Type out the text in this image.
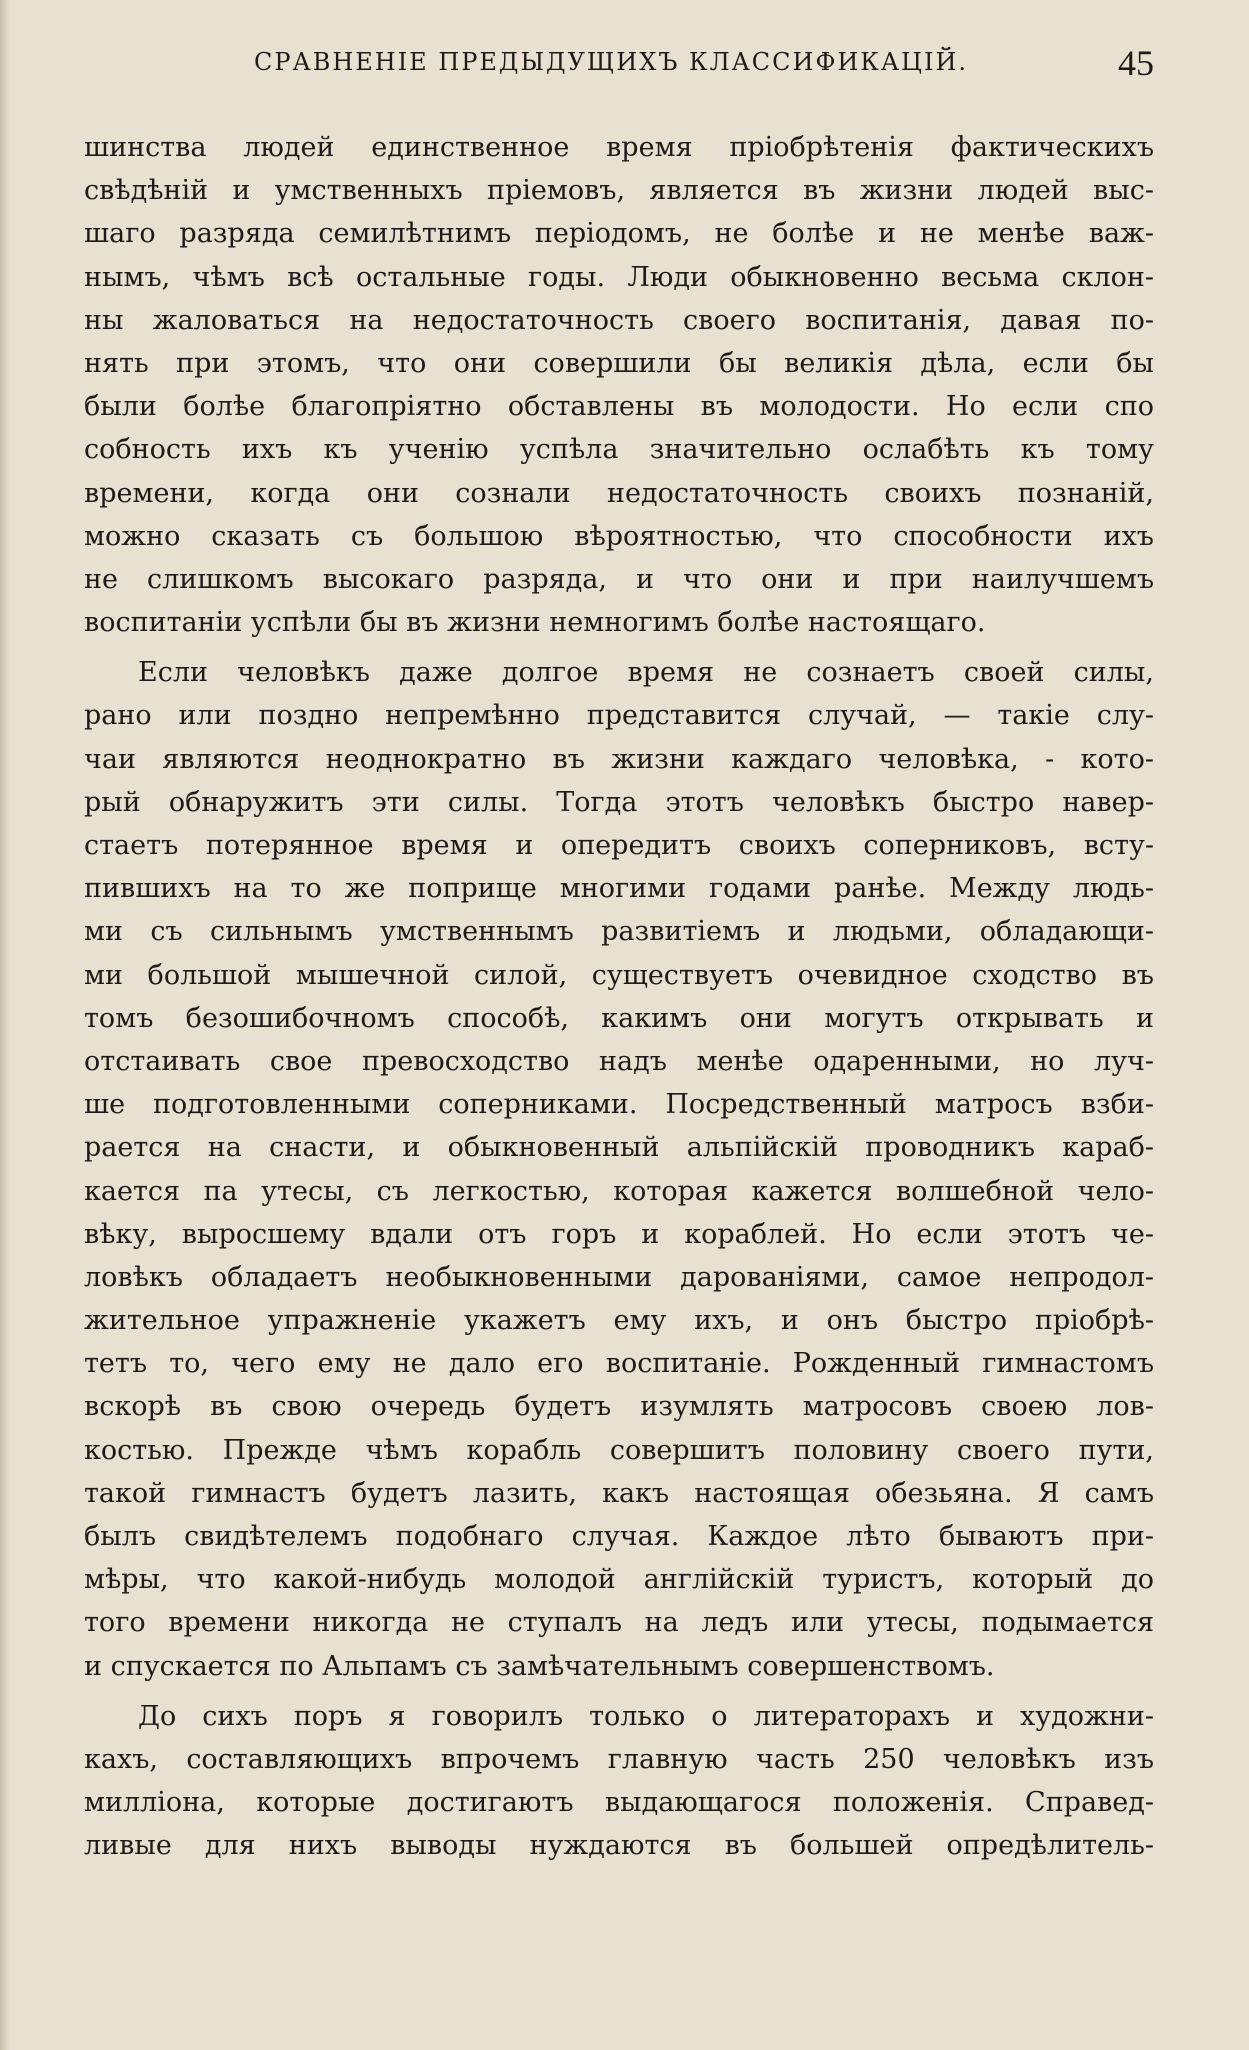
СРАВНЕНІЕ ПРЕДЫДУЩИХЪ КЛАССИФИКАЦІЙ.	45
шинства людей единственное время пріобрѣтенія фактическихъ
свѣдѣній и умственныхъ пріемовъ, является въ жизни людей выс-
шаго разряда семилѣтнимъ періодомъ, не болѣе и не менѣе важ-
нымъ, чѣмъ всѣ остальные годы. Люди обыкновенно весьма склон-
ны жаловаться на недостаточность своего воспитанія, давая по-
нять при этомъ, что они совершили бы великія дѣла, если бы
были болѣе благопріятно обставлены въ молодости. Но если спо
собность ихъ къ ученію успѣла значительно ослабѣть къ тому
времени, когда они сознали недостаточность своихъ познаній,
можно сказать съ большою вѣроятностью, что способности ихъ
не слишкомъ высокаго разряда, и что они и при наилучшемъ
воспитаніи успѣли бы въ жизни немногимъ болѣе настоящаго.
Если человѣкъ даже долгое время не сознаетъ своей силы,
рано или поздно непремѣнно представится случай, — такіе слу-
чаи являются неоднократно въ жизни каждаго человѣка, - кото-
рый обнаружитъ эти силы. Тогда этотъ человѣкъ быстро навер-
стаетъ потерянное время и опередитъ своихъ соперниковъ, всту-
пившихъ на то же поприще многими годами ранѣе. Между людь-
ми съ сильнымъ умственнымъ развитіемъ и людьми, обладающи-
ми большой мышечной силой, существуетъ очевидное сходство въ
томъ безошибочномъ способѣ, какимъ они могутъ открывать и
отстаивать свое превосходство надъ менѣе одаренными, но луч-
ше подготовленными соперниками. Посредственный матросъ взби-
рается на снасти, и обыкновенный альпійскій проводникъ караб-
кается па утесы, съ легкостью, которая кажется волшебной чело-
вѣку, выросшему вдали отъ горъ и кораблей. Но если этотъ че-
ловѣкъ обладаетъ необыкновенными дарованіями, самое непродол-
жительное упражненіе укажетъ ему ихъ, и онъ быстро пріобрѣ-
тетъ то, чего ему не дало его воспитаніе. Рожденный гимнастомъ
вскорѣ въ свою очередь будетъ изумлять матросовъ своею лов-
костью. Прежде чѣмъ корабль совершитъ половину своего пути,
такой гимнастъ будетъ лазить, какъ настоящая обезьяна. Я самъ
былъ свидѣтелемъ подобнаго случая. Каждое лѣто бываютъ при-
мѣры, что какой-нибудь молодой англійскій туристъ, который до
того времени никогда не ступалъ на ледъ или утесы, подымается
и спускается по Альпамъ съ замѣчательнымъ совершенствомъ.
До сихъ поръ я говорилъ только о литераторахъ и художни-
кахъ, составляющихъ впрочемъ главную часть 250 человѣкъ изъ
милліона, которые достигаютъ выдающагося положенія. Справед-
ливые для нихъ выводы нуждаются въ большей опредѣлитель-
